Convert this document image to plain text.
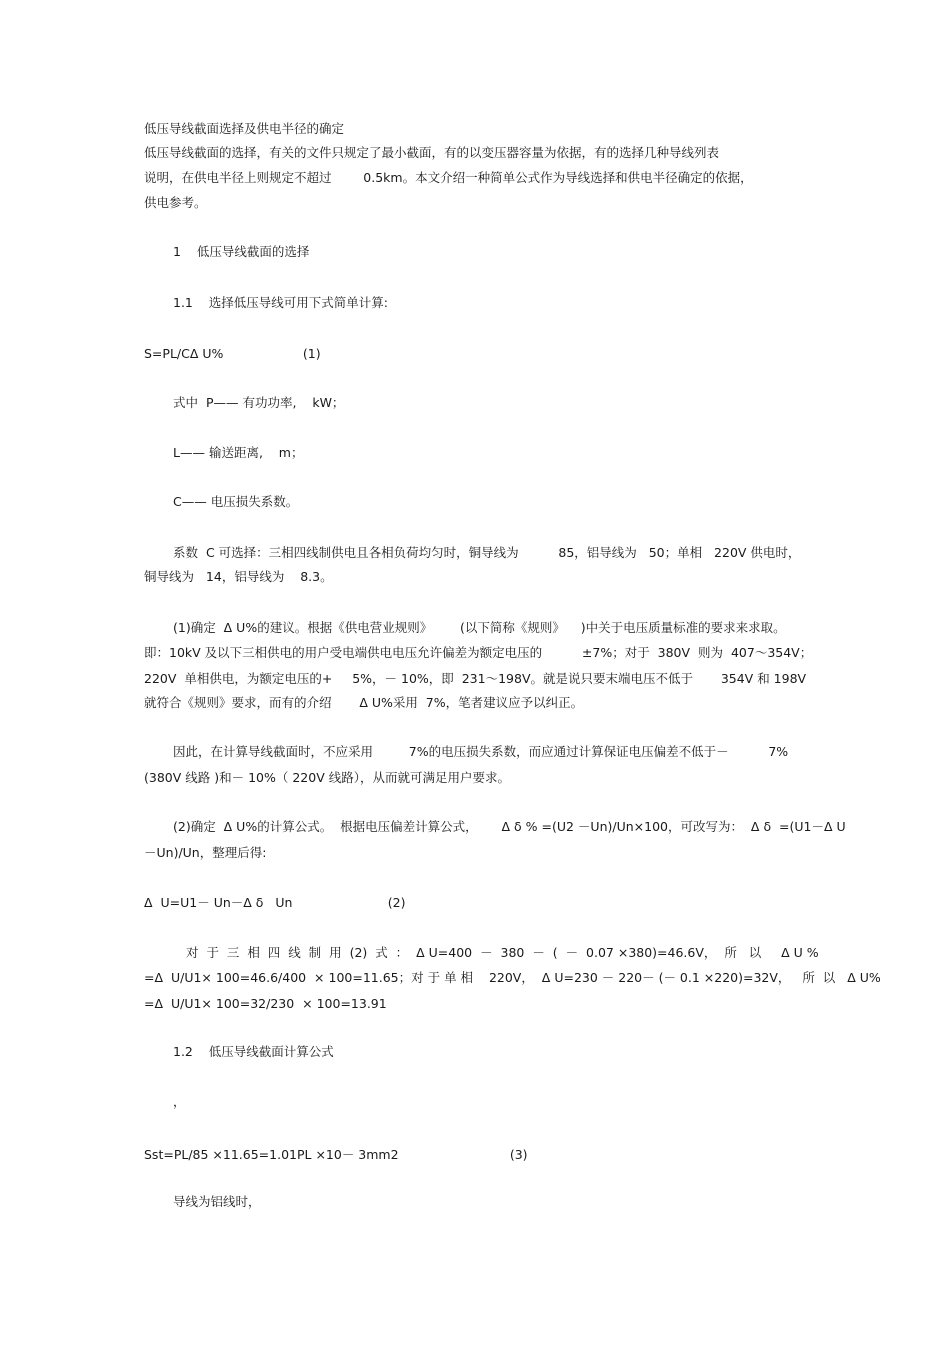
低压导线截面选择及供电半径的确定

低压导线截面的选择，有关的文件只规定了最小截面，有的以变压器容量为依据，有的选择几种导线列表

说明，在供电半径上则规定不超过        0.5km。本文介绍一种简单公式作为导线选择和供电半径确定的依据，

供电参考。

1    低压导线截面的选择

1.1    选择低压导线可用下式简单计算:

S=PL/CΔ U%                    (1)

式中  P—— 有功功率,    kW；

L—— 输送距离,    m；

C—— 电压损失系数。

系数  C 可选择：三相四线制供电且各相负荷均匀时，铜导线为          85，铝导线为   50；单相   220V 供电时，

铜导线为   14，铝导线为    8.3。

(1)确定  Δ U%的建议。根据《供电营业规则》       (以下简称《规则》    )中关于电压质量标准的要求来求取。

即：10kV 及以下三相供电的用户受电端供电电压允许偏差为额定电压的          ±7%；对于  380V  则为  407～354V；

220V  单相供电，为额定电压的+     5%，－ 10%，即  231～198V。就是说只要末端电压不低于       354V 和 198V

就符合《规则》要求，而有的介绍       Δ U%采用  7%，笔者建议应予以纠正。

因此，在计算导线截面时，不应采用         7%的电压损失系数，而应通过计算保证电压偏差不低于－          7%

(380V 线路 )和－ 10%（ 220V 线路），从而就可满足用户要求。

(2)确定  Δ U%的计算公式。  根据电压偏差计算公式，      Δ δ % =(U2 －Un)/Un×100，可改写为：  Δ δ  =(U1－Δ U

－Un)/Un，整理后得:

Δ  U=U1－ Un－Δ δ   Un                        (2)

对  于  三  相  四  线  制  用  (2)  式  ：  Δ U=400  －  380  －  (  －  0.07 ×380)=46.6V，  所   以     Δ U %

=Δ  U/U1× 100=46.6/400  × 100=11.65；对 于 单 相    220V，  Δ U=230 － 220－ (－ 0.1 ×220)=32V，   所  以   Δ U%

=Δ  U/U1× 100=32/230  × 100=13.91

1.2    低压导线截面计算公式

，

Sst=PL/85 ×11.65=1.01PL ×10－ 3mm2                            (3)

导线为铝线时，
